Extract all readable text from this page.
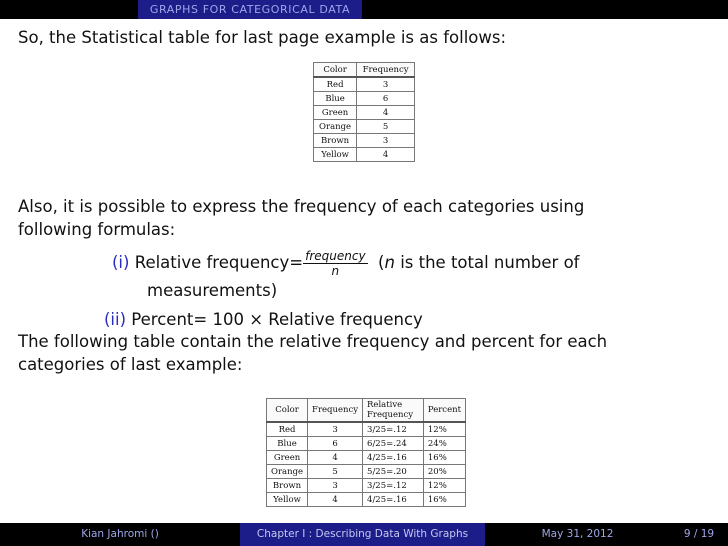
GRAPHS FOR CATEGORICAL DATA
So, the Statistical table for last page example is as follows:
Color	Frequency
Red	3
Blue	6
Green	4
Orange	5
Brown	3
Yellow	4
Also, it is possible to express the frequency of each categories using
following formulas:
(i) Relative frequency= $\frac{\text{frequency}}{n} (n$ is the total number of
measurements)
(ii) Percent= 100 × Relative frequency
The following table contain the relative frequency and percent for each
categories of last example:
Color	Frequency	Relative Frequency	Percent
Red	3	3/25=.12	12%
Blue	6	6/25=.24	24%
Green	4	4/25=.16	16%
Orange	5	5/25=.20	20%
Brown	3	3/25=.12	12%
Yellow	4	4/25=.16	16%
Kian Jahromi ()	Chapter I : Describing Data With Graphs	May 31, 2012	9 / 19
